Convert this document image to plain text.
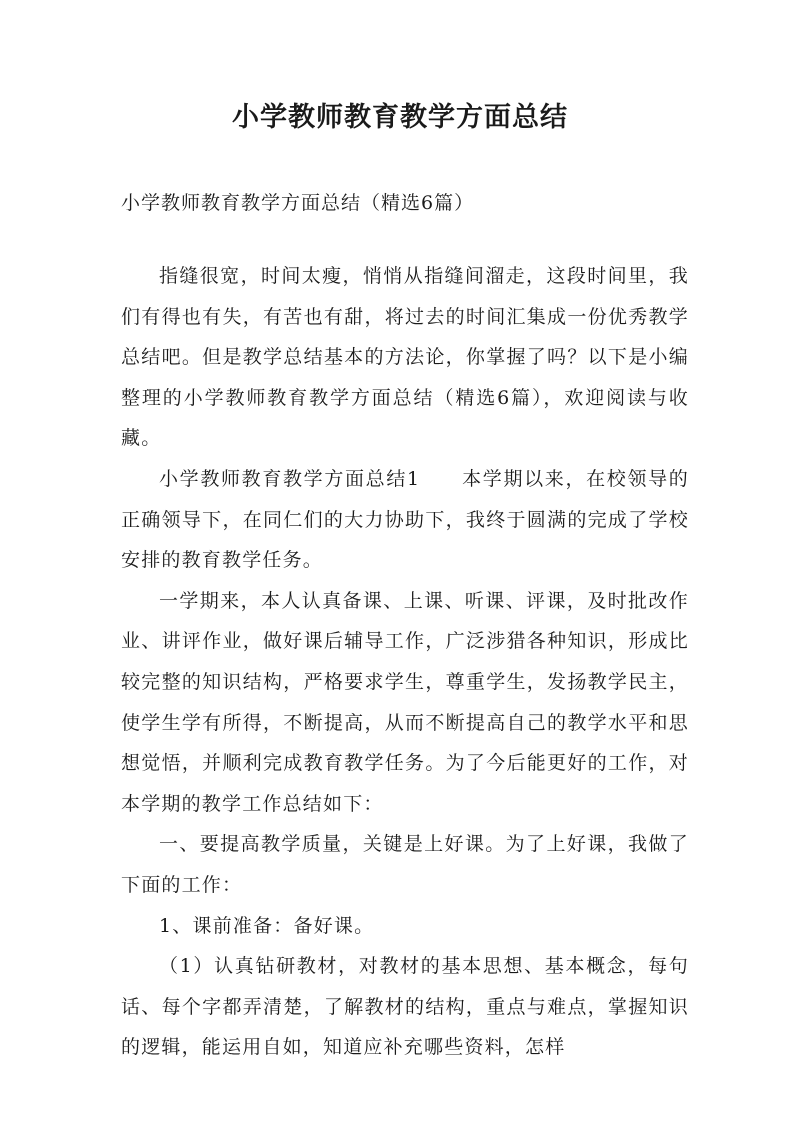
小学教师教育教学方面总结

小学教师教育教学方面总结（精选6篇）

指缝很宽，时间太瘦，悄悄从指缝间溜走，这段时间里，我们有得也有失，有苦也有甜，将过去的时间汇集成一份优秀教学总结吧。但是教学总结基本的方法论，你掌握了吗？以下是小编整理的小学教师教育教学方面总结（精选6篇），欢迎阅读与收藏。

小学教师教育教学方面总结1　　本学期以来，在校领导的正确领导下，在同仁们的大力协助下，我终于圆满的完成了学校安排的教育教学任务。

一学期来，本人认真备课、上课、听课、评课，及时批改作业、讲评作业，做好课后辅导工作，广泛涉猎各种知识，形成比较完整的知识结构，严格要求学生，尊重学生，发扬教学民主，使学生学有所得，不断提高，从而不断提高自己的教学水平和思想觉悟，并顺利完成教育教学任务。为了今后能更好的工作，对本学期的教学工作总结如下：

一、要提高教学质量，关键是上好课。为了上好课，我做了下面的工作：

1、课前准备：备好课。

（1）认真钻研教材，对教材的基本思想、基本概念，每句话、每个字都弄清楚，了解教材的结构，重点与难点，掌握知识的逻辑，能运用自如，知道应补充哪些资料，怎样
